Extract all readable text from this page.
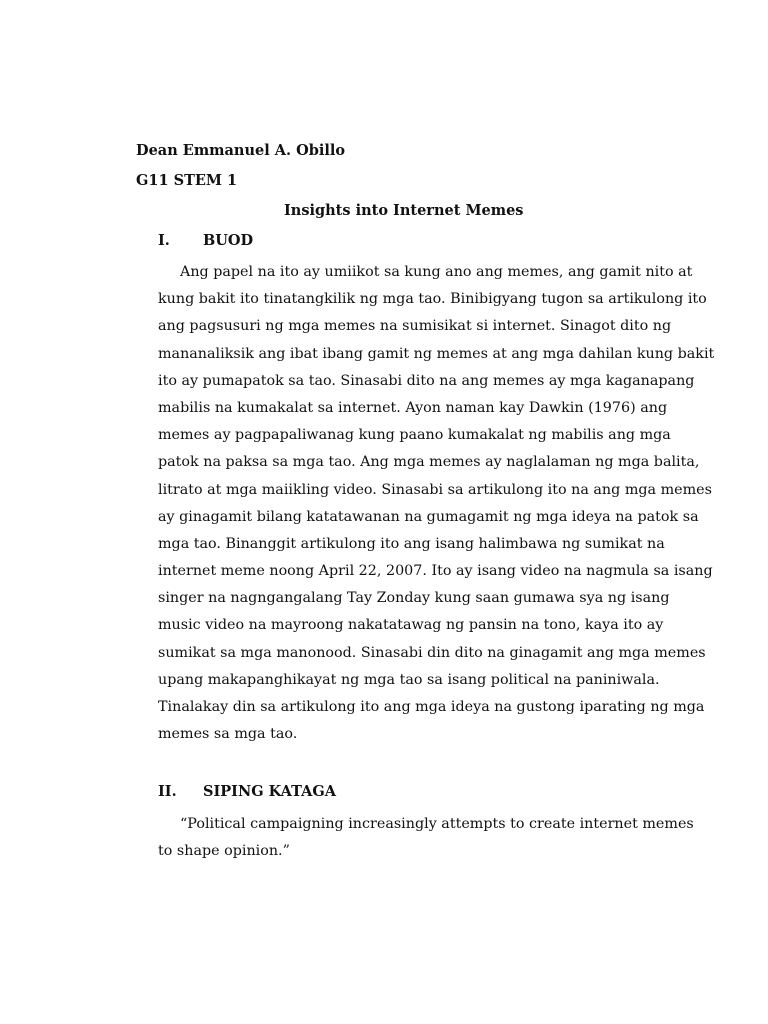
Dean Emmanuel A. Obillo
G11 STEM 1
Insights into Internet Memes
I. BUOD
Ang papel na ito ay umiikot sa kung ano ang memes, ang gamit nito at
kung bakit ito tinatangkilik ng mga tao. Binibigyang tugon sa artikulong ito
ang pagsusuri ng mga memes na sumisikat si internet. Sinagot dito ng
mananaliksik ang ibat ibang gamit ng memes at ang mga dahilan kung bakit
ito ay pumapatok sa tao. Sinasabi dito na ang memes ay mga kaganapang
mabilis na kumakalat sa internet. Ayon naman kay Dawkin (1976) ang
memes ay pagpapaliwanag kung paano kumakalat ng mabilis ang mga
patok na paksa sa mga tao. Ang mga memes ay naglalaman ng mga balita,
litrato at mga maiikling video. Sinasabi sa artikulong ito na ang mga memes
ay ginagamit bilang katatawanan na gumagamit ng mga ideya na patok sa
mga tao. Binanggit artikulong ito ang isang halimbawa ng sumikat na
internet meme noong April 22, 2007. Ito ay isang video na nagmula sa isang
singer na nagngangalang Tay Zonday kung saan gumawa sya ng isang
music video na mayroong nakatatawag ng pansin na tono, kaya ito ay
sumikat sa mga manonood. Sinasabi din dito na ginagamit ang mga memes
upang makapanghikayat ng mga tao sa isang political na paniniwala.
Tinalakay din sa artikulong ito ang mga ideya na gustong iparating ng mga
memes sa mga tao.
II. SIPING KATAGA
“Political campaigning increasingly attempts to create internet memes
to shape opinion.”
